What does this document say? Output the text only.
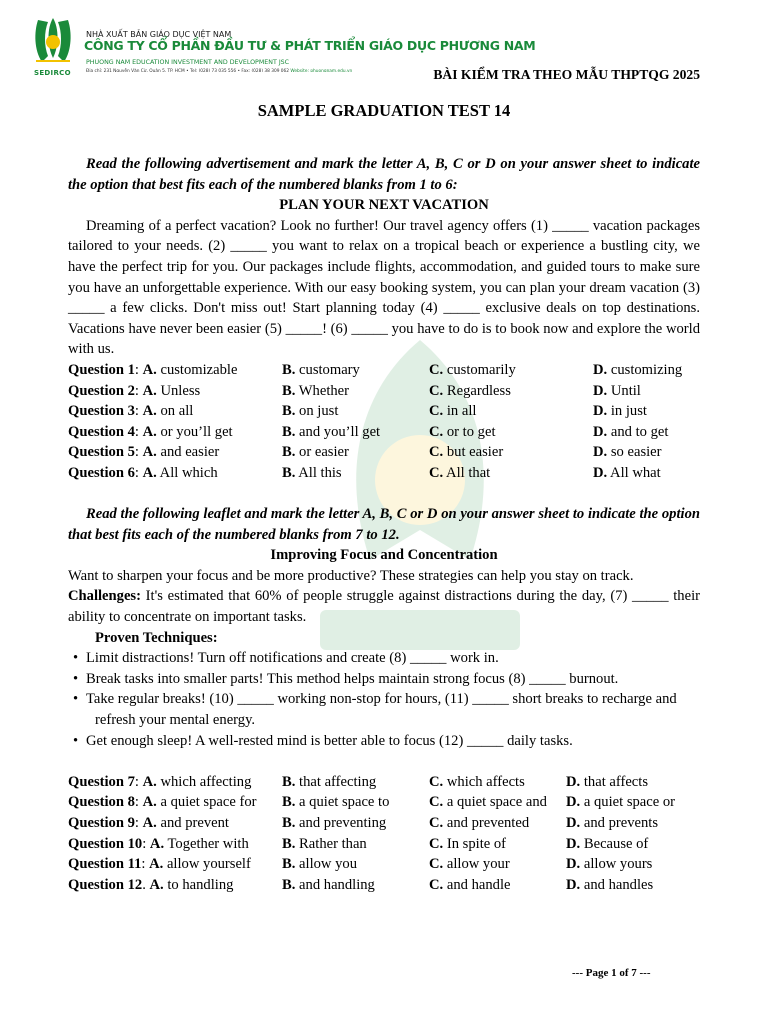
SEDIRCO
NHÀ XUẤT BẢN GIÁO DỤC VIỆT NAM
CÔNG TY CỔ PHẦN ĐẦU TƯ & PHÁT TRIỂN GIÁO DỤC PHƯƠNG NAM
PHUONG NAM EDUCATION INVESTMENT AND DEVELOPMENT JSC
Địa chỉ: 231 Nguyễn Văn Cừ, Quận 5, TP. HCM • Tel: (028) 73 035 556 • Fax: (028) 38 309 062 Website: phuongnam.edu.vn	BÀI KIỂM TRA THEO MẪU THPTQG 2025
SAMPLE GRADUATION TEST 14

Read the following advertisement and mark the letter A, B, C or D on your answer sheet to indicate the option that best fits each of the numbered blanks from 1 to 6:

PLAN YOUR NEXT VACATION

Dreaming of a perfect vacation? Look no further! Our travel agency offers (1) _____ vacation packages tailored to your needs. (2) _____ you want to relax on a tropical beach or experience a bustling city, we have the perfect trip for you. Our packages include flights, accommodation, and guided tours to make sure you have an unforgettable experience. With our easy booking system, you can plan your dream vacation (3) _____ a few clicks. Don't miss out! Start planning today (4) _____ exclusive deals on top destinations. Vacations have never been easier (5) _____! (6) _____ you have to do is to book now and explore the world with us.

Question 1: A. customizable	B. customary	C. customarily	D. customizing
Question 2: A. Unless	B. Whether	C. Regardless	D. Until
Question 3: A. on all	B. on just	C. in all	D. in just
Question 4: A. or you’ll get	B. and you’ll get	C. or to get	D. and to get
Question 5: A. and easier	B. or easier	C. but easier	D. so easier
Question 6: A. All which	B. All this	C. All that	D. All what

Read the following leaflet and mark the letter A, B, C or D on your answer sheet to indicate the option that best fits each of the numbered blanks from 7 to 12.

Improving Focus and Concentration

Want to sharpen your focus and be more productive? These strategies can help you stay on track.

Challenges: It's estimated that 60% of people struggle against distractions during the day, (7) _____ their ability to concentrate on important tasks.

Proven Techniques:

• Limit distractions! Turn off notifications and create (8) _____ work in.
• Break tasks into smaller parts! This method helps maintain strong focus (8) _____ burnout.
• Take regular breaks! (10) _____ working non-stop for hours, (11) _____ short breaks to recharge and
refresh your mental energy.
• Get enough sleep! A well-rested mind is better able to focus (12) _____ daily tasks.
Question 7: A. which affecting B. that affecting	C. which affects	D. that affects
Question 8: A. a quiet space for B. a quiet space to	C. a quiet space and D. a quiet space or
Question 9: A. and prevent	B. and preventing	C. and prevented	D. and prevents
Question 10: A. Together with B. Rather than	C. In spite of	D. Because of
Question 11: A. allow yourself B. allow you	C. allow your	D. allow yours
Question 12. A. to handling	B. and handling	C. and handle	D. and handles
--- Page 1 of 7 ---
